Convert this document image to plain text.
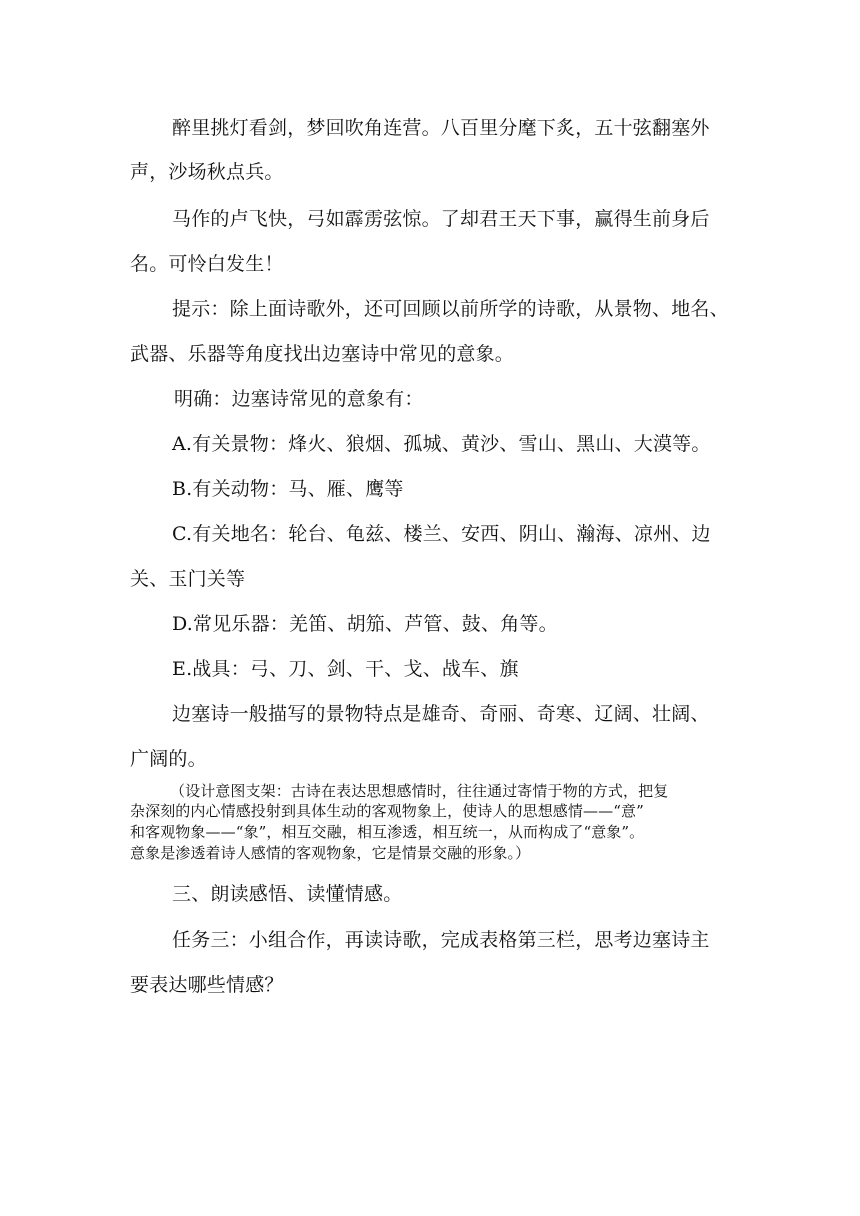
醉里挑灯看剑，梦回吹角连营。八百里分麾下炙，五十弦翻塞外
声，沙场秋点兵。
马作的卢飞快，弓如霹雳弦惊。了却君王天下事，赢得生前身后
名。可怜白发生！
提示：除上面诗歌外，还可回顾以前所学的诗歌，从景物、地名、
武器、乐器等角度找出边塞诗中常见的意象。
明确：边塞诗常见的意象有：
A.有关景物：烽火、狼烟、孤城、黄沙、雪山、黑山、大漠等。
B.有关动物：马、雁、鹰等
C.有关地名：轮台、龟兹、楼兰、安西、阴山、瀚海、凉州、边
关、玉门关等
D.常见乐器：羌笛、胡笳、芦管、鼓、角等。
E.战具：弓、刀、剑、干、戈、战车、旗
边塞诗一般描写的景物特点是雄奇、奇丽、奇寒、辽阔、壮阔、
广阔的。
（设计意图支架：古诗在表达思想感情时，往往通过寄情于物的方式，把复
杂深刻的内心情感投射到具体生动的客观物象上，使诗人的思想感情——“意”
和客观物象——“象”，相互交融，相互渗透，相互统一，从而构成了“意象”。
意象是渗透着诗人感情的客观物象，它是情景交融的形象。）
三、朗读感悟、读懂情感。
任务三：小组合作，再读诗歌，完成表格第三栏，思考边塞诗主
要表达哪些情感？
